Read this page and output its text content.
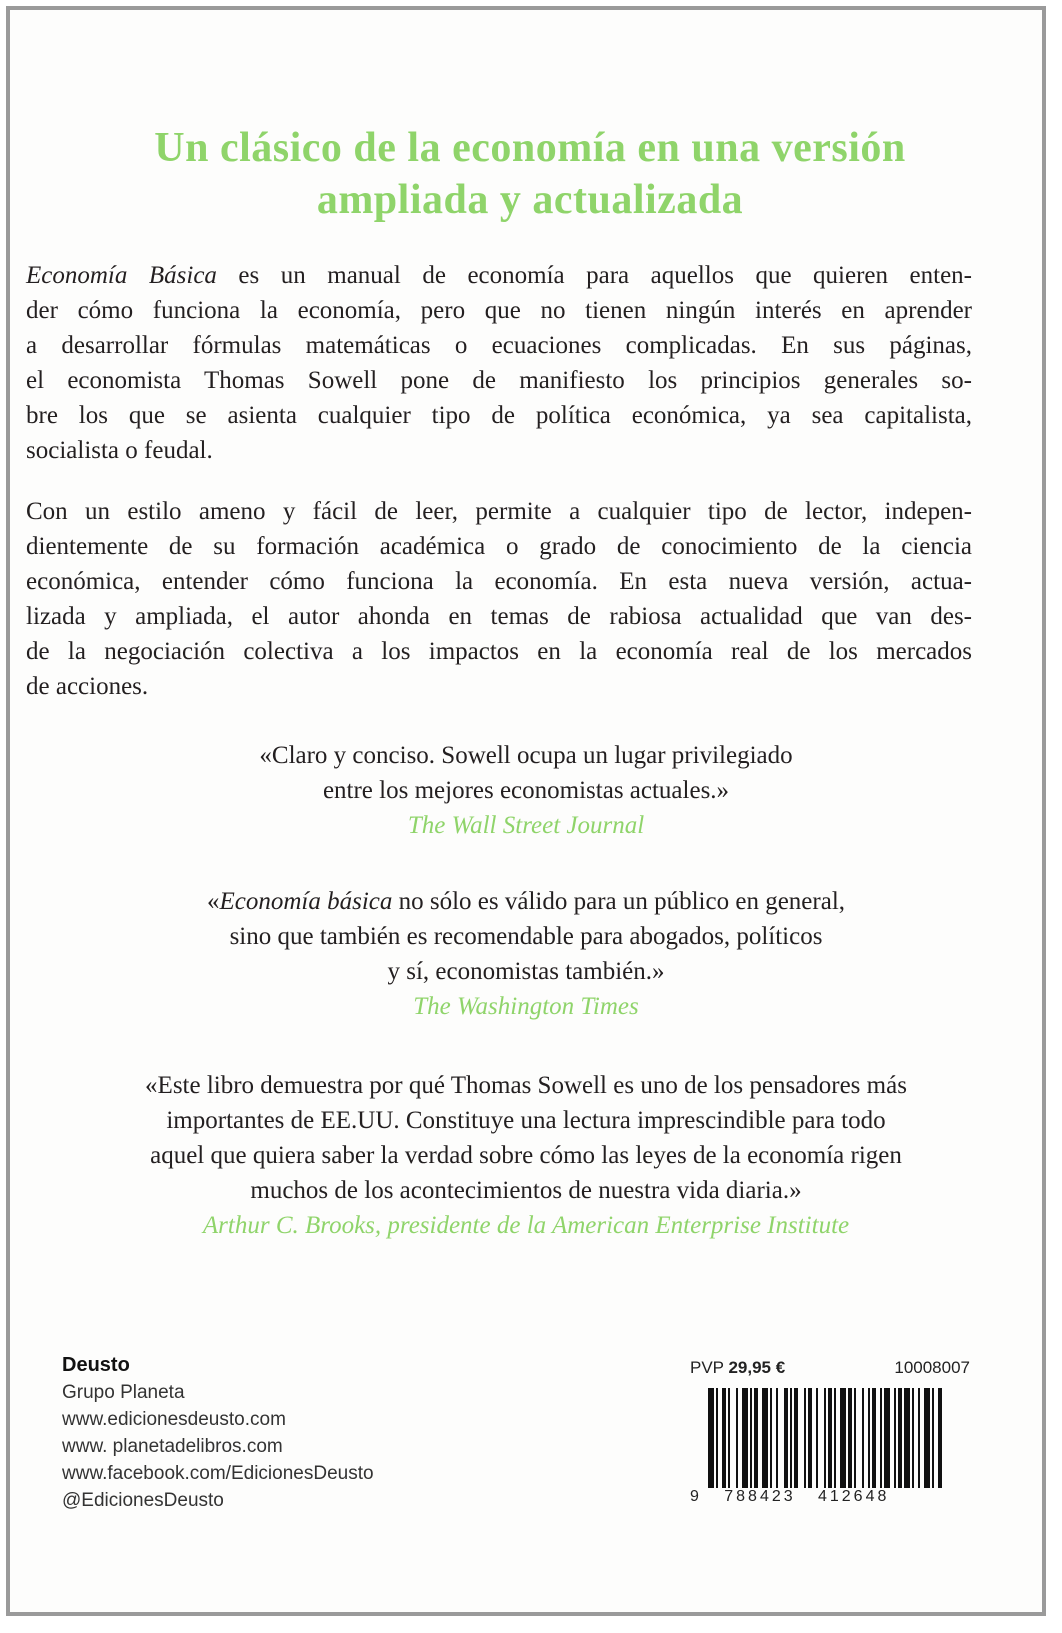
Un clásico de la economía en una versión
ampliada y actualizada
Economía Básica es un manual de economía para aquellos que quieren enten-
der cómo funciona la economía, pero que no tienen ningún interés en aprender
a desarrollar fórmulas matemáticas o ecuaciones complicadas. En sus páginas,
el economista Thomas Sowell pone de manifiesto los principios generales so-
bre los que se asienta cualquier tipo de política económica, ya sea capitalista,
socialista o feudal.
Con un estilo ameno y fácil de leer, permite a cualquier tipo de lector, indepen-
dientemente de su formación académica o grado de conocimiento de la ciencia
económica, entender cómo funciona la economía. En esta nueva versión, actua-
lizada y ampliada, el autor ahonda en temas de rabiosa actualidad que van des-
de la negociación colectiva a los impactos en la economía real de los mercados
de acciones.
«Claro y conciso. Sowell ocupa un lugar privilegiado
entre los mejores economistas actuales.»
The Wall Street Journal
«Economía básica no sólo es válido para un público en general,
sino que también es recomendable para abogados, políticos
y sí, economistas también.»
The Washington Times
«Este libro demuestra por qué Thomas Sowell es uno de los pensadores más
importantes de EE.UU. Constituye una lectura imprescindible para todo
aquel que quiera saber la verdad sobre cómo las leyes de la economía rigen
muchos de los acontecimientos de nuestra vida diaria.»
Arthur C. Brooks, presidente de la American Enterprise Institute
Deusto
Grupo Planeta
www.edicionesdeusto.com
www. planetadelibros.com
www.facebook.com/EdicionesDeusto
@EdicionesDeusto
PVP 29,95 €	10008007
9 788423 412648
